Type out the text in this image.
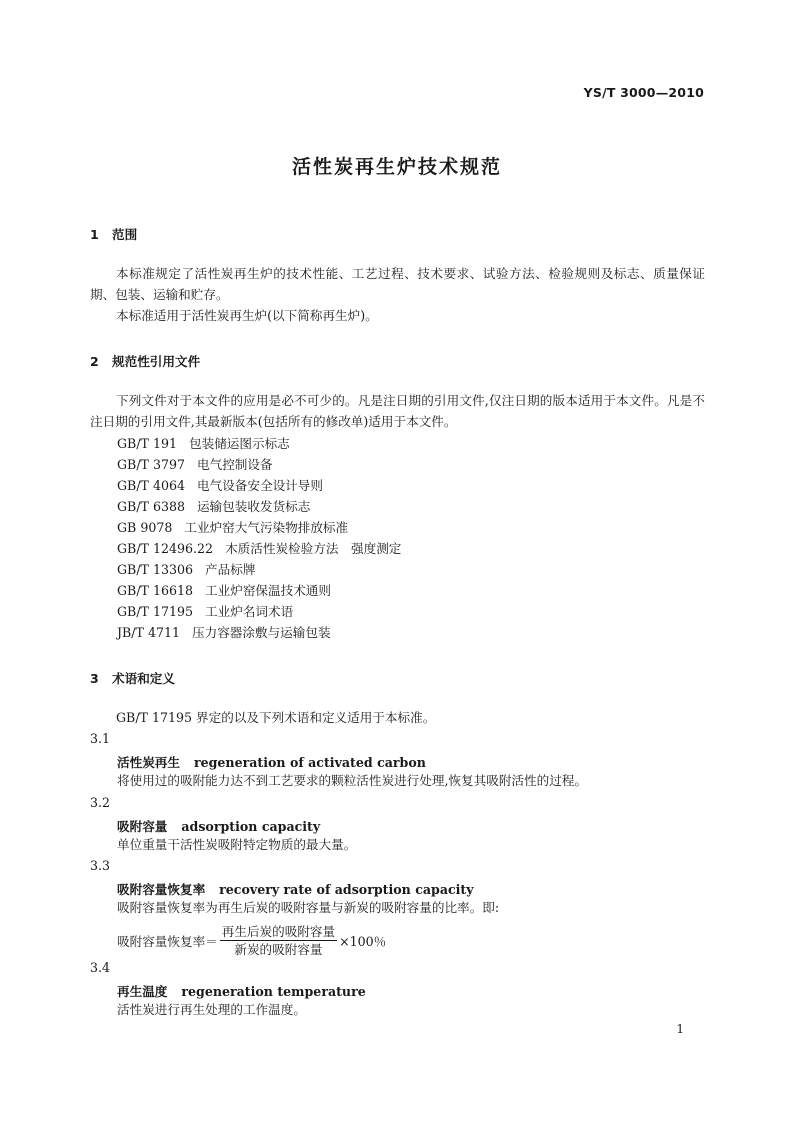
YS/T 3000—2010
活性炭再生炉技术规范
1 范围
本标准规定了活性炭再生炉的技术性能、工艺过程、技术要求、试验方法、检验规则及标志、质量保证期、包装、运输和贮存。
本标准适用于活性炭再生炉(以下简称再生炉)。
2 规范性引用文件
下列文件对于本文件的应用是必不可少的。凡是注日期的引用文件,仅注日期的版本适用于本文件。凡是不注日期的引用文件,其最新版本(包括所有的修改单)适用于本文件。
GB/T 191 包装储运图示标志
GB/T 3797 电气控制设备
GB/T 4064 电气设备安全设计导则
GB/T 6388 运输包装收发货标志
GB 9078 工业炉窑大气污染物排放标准
GB/T 12496.22 木质活性炭检验方法　强度测定
GB/T 13306 产品标牌
GB/T 16618 工业炉窑保温技术通则
GB/T 17195 工业炉名词术语
JB/T 4711 压力容器涂敷与运输包装
3 术语和定义
GB/T 17195 界定的以及下列术语和定义适用于本标准。
3.1
活性炭再生 regeneration of activated carbon
将使用过的吸附能力达不到工艺要求的颗粒活性炭进行处理,恢复其吸附活性的过程。
3.2
吸附容量 adsorption capacity
单位重量干活性炭吸附特定物质的最大量。
3.3
吸附容量恢复率 recovery rate of adsorption capacity
吸附容量恢复率为再生后炭的吸附容量与新炭的吸附容量的比率。即:
吸附容量恢复率＝ $\frac{\text{再生后炭的吸附容量}}{\text{新炭的吸附容量}} \times 100$％
3.4
再生温度 regeneration temperature
活性炭进行再生处理的工作温度。
1
